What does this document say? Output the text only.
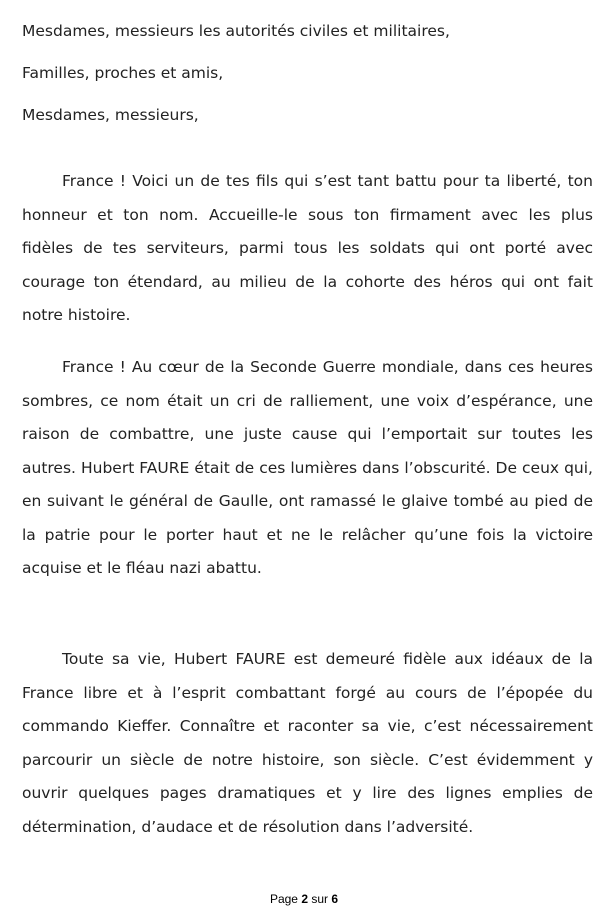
Mesdames, messieurs les autorités civiles et militaires,
Familles, proches et amis,
Mesdames, messieurs,

France ! Voici un de tes fils qui s’est tant battu pour ta liberté, ton honneur et ton nom. Accueille-le sous ton firmament avec les plus fidèles de tes serviteurs, parmi tous les soldats qui ont porté avec courage ton étendard, au milieu de la cohorte des héros qui ont fait notre histoire.

France ! Au cœur de la Seconde Guerre mondiale, dans ces heures sombres, ce nom était un cri de ralliement, une voix d’espérance, une raison de combattre, une juste cause qui l’emportait sur toutes les autres. Hubert FAURE était de ces lumières dans l’obscurité. De ceux qui, en suivant le général de Gaulle, ont ramassé le glaive tombé au pied de la patrie pour le porter haut et ne le relâcher qu’une fois la victoire acquise et le fléau nazi abattu.

Toute sa vie, Hubert FAURE est demeuré fidèle aux idéaux de la France libre et à l’esprit combattant forgé au cours de l’épopée du commando Kieffer. Connaître et raconter sa vie, c’est nécessairement parcourir un siècle de notre histoire, son siècle. C’est évidemment y ouvrir quelques pages dramatiques et y lire des lignes emplies de détermination, d’audace et de résolution dans l’adversité.

Page 2 sur 6
